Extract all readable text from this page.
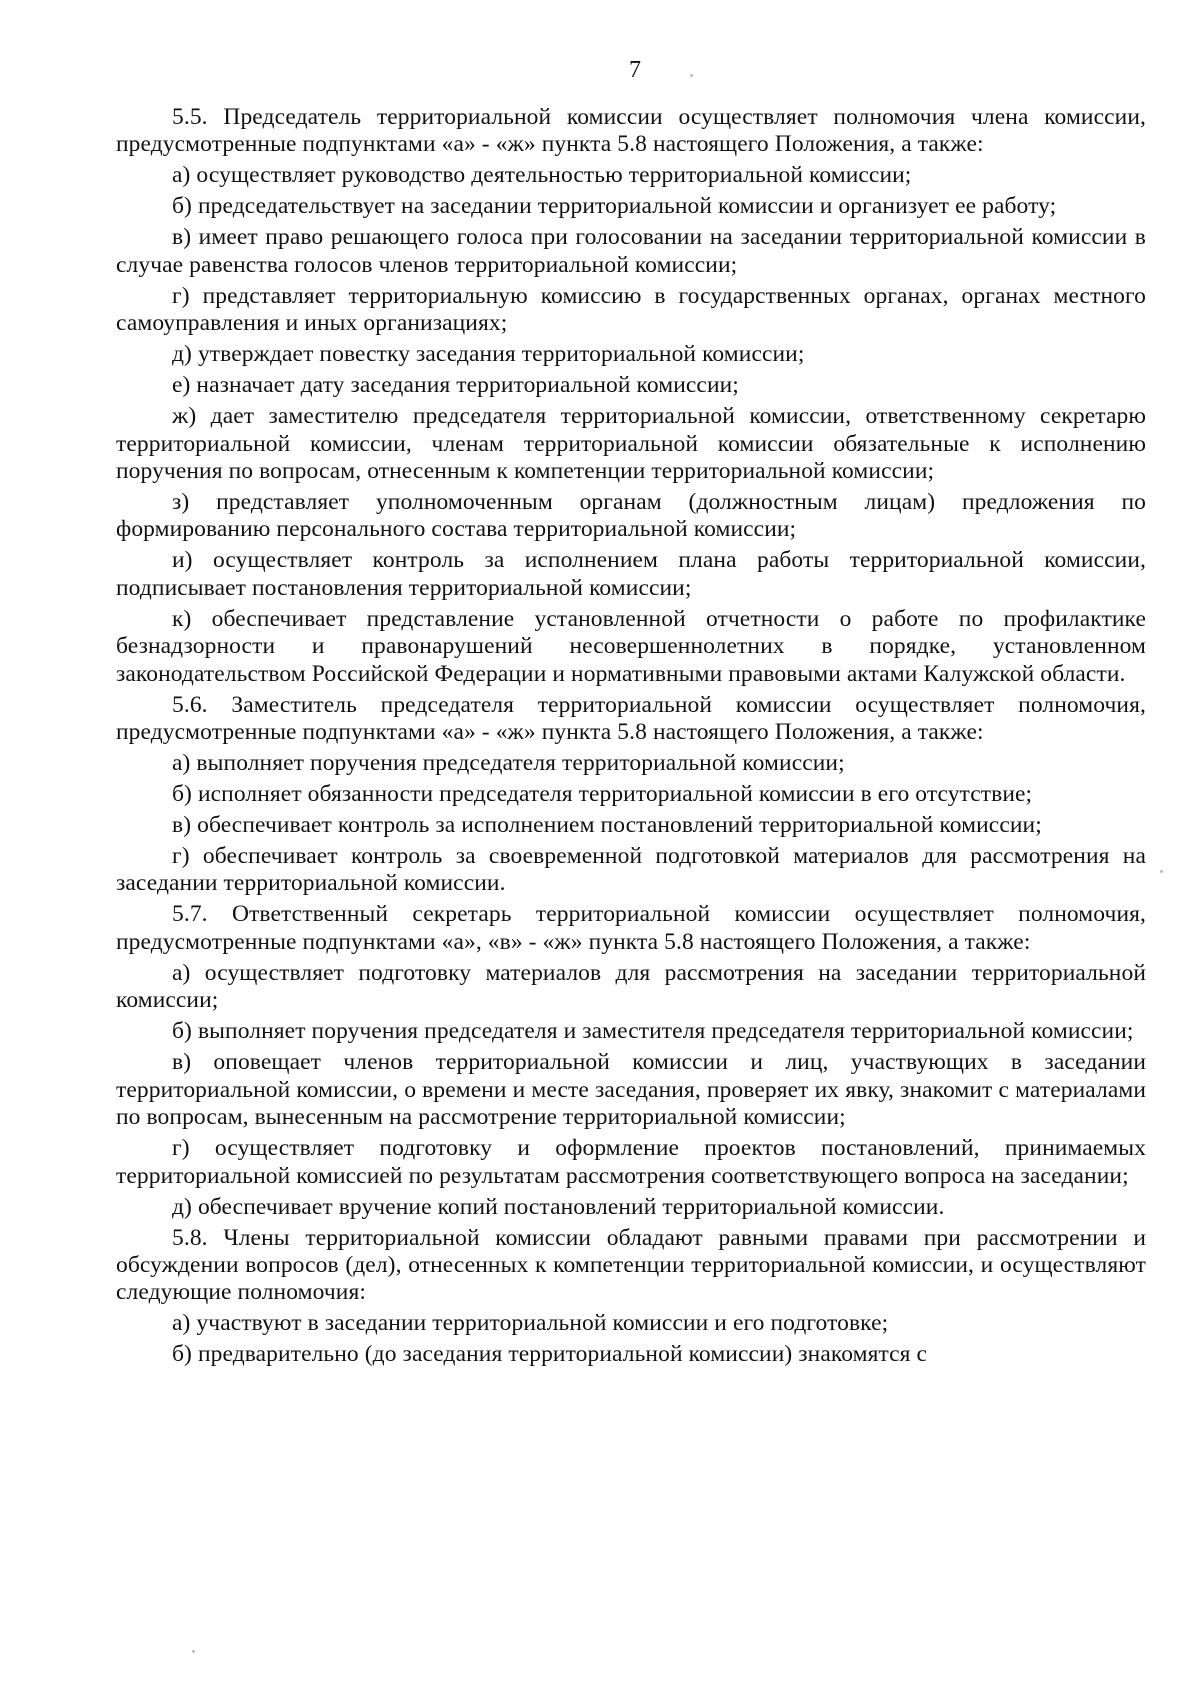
7

5.5. Председатель территориальной комиссии осуществляет полномочия члена комиссии, предусмотренные подпунктами «а» - «ж» пункта 5.8 настоящего Положения, а также:

а) осуществляет руководство деятельностью территориальной комиссии;

б) председательствует на заседании территориальной комиссии и организует ее работу;

в) имеет право решающего голоса при голосовании на заседании территориальной комиссии в случае равенства голосов членов территориальной комиссии;

г) представляет территориальную комиссию в государственных органах, органах местного самоуправления и иных организациях;

д) утверждает повестку заседания территориальной комиссии;

е) назначает дату заседания территориальной комиссии;

ж) дает заместителю председателя территориальной комиссии, ответственному секретарю территориальной комиссии, членам территориальной комиссии обязательные к исполнению поручения по вопросам, отнесенным к компетенции территориальной комиссии;

з) представляет уполномоченным органам (должностным лицам) предложения по формированию персонального состава территориальной комиссии;

и) осуществляет контроль за исполнением плана работы территориальной комиссии, подписывает постановления территориальной комиссии;

к) обеспечивает представление установленной отчетности о работе по профилактике безнадзорности и правонарушений несовершеннолетних в порядке, установленном законодательством Российской Федерации и нормативными правовыми актами Калужской области.

5.6. Заместитель председателя территориальной комиссии осуществляет полномочия, предусмотренные подпунктами «а» - «ж» пункта 5.8 настоящего Положения, а также:

а) выполняет поручения председателя территориальной комиссии;

б) исполняет обязанности председателя территориальной комиссии в его отсутствие;

в) обеспечивает контроль за исполнением постановлений территориальной комиссии;

г) обеспечивает контроль за своевременной подготовкой материалов для рассмотрения на заседании территориальной комиссии.

5.7. Ответственный секретарь территориальной комиссии осуществляет полномочия, предусмотренные подпунктами «а», «в» - «ж» пункта 5.8 настоящего Положения, а также:

а) осуществляет подготовку материалов для рассмотрения на заседании территориальной комиссии;

б) выполняет поручения председателя и заместителя председателя территориальной комиссии;

в) оповещает членов территориальной комиссии и лиц, участвующих в заседании территориальной комиссии, о времени и месте заседания, проверяет их явку, знакомит с материалами по вопросам, вынесенным на рассмотрение территориальной комиссии;

г) осуществляет подготовку и оформление проектов постановлений, принимаемых территориальной комиссией по результатам рассмотрения соответствующего вопроса на заседании;

д) обеспечивает вручение копий постановлений территориальной комиссии.

5.8. Члены территориальной комиссии обладают равными правами при рассмотрении и обсуждении вопросов (дел), отнесенных к компетенции территориальной комиссии, и осуществляют следующие полномочия:

а) участвуют в заседании территориальной комиссии и его подготовке;

б) предварительно (до заседания территориальной комиссии) знакомятся с
